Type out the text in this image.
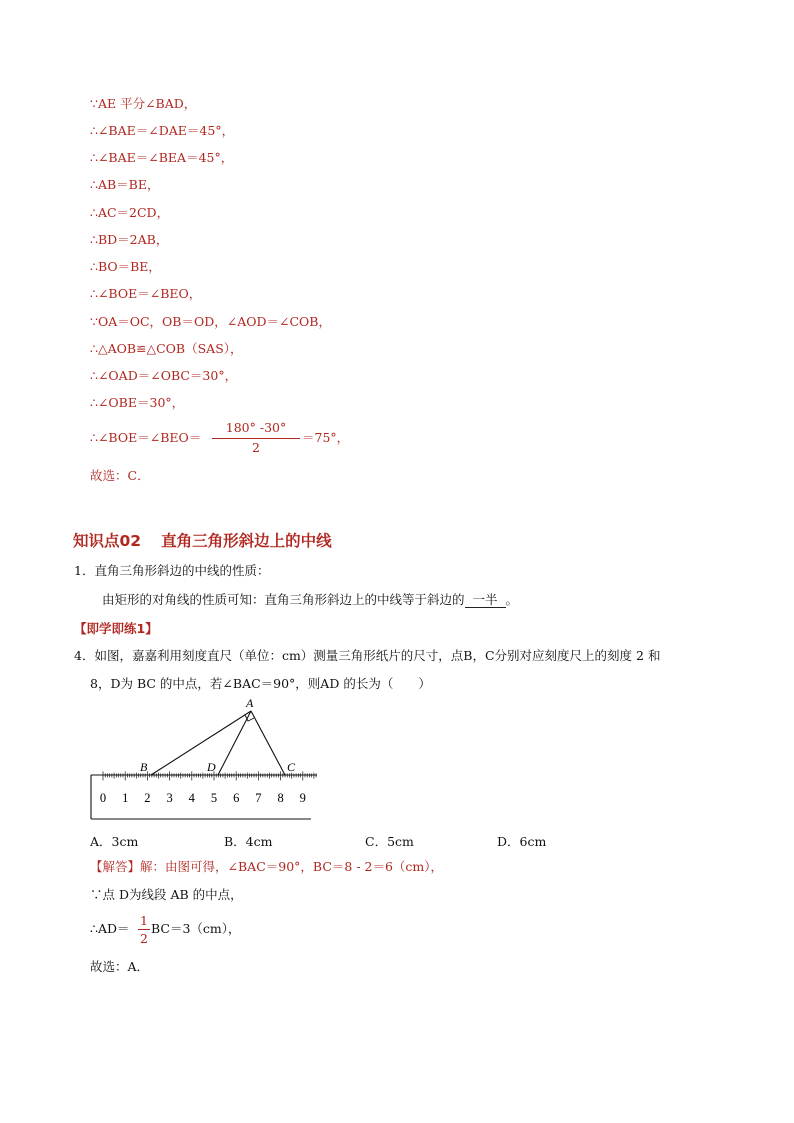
∵AE 平分∠BAD，
∴∠BAE＝∠DAE＝45°，
∴∠BAE＝∠BEA＝45°，
∴AB＝BE，
∴AC＝2CD，
∴BD＝2AB，
∴BO＝BE，
∴∠BOE＝∠BEO，
∵OA＝OC，OB＝OD，∠AOD＝∠COB，
∴△AOB≌△COB（SAS），
∴∠OAD＝∠OBC＝30°，
∴∠OBE＝30°，
∴∠BOE＝∠BEO＝
180° -30°
2
＝75°，
故选：C．
知识点02 直角三角形斜边上的中线
1．直角三角形斜边的中线的性质：
由矩形的对角线的性质可知：直角三角形斜边上的中线等于斜边的 一半 。
【即学即练1】
4．如图，嘉嘉利用刻度直尺（单位：cm）测量三角形纸片的尺寸，点B，C分别对应刻度尺上的刻度 2 和
8，D为 BC 的中点，若∠BAC＝90°，则AD 的长为（　　）
A
B	D	C
0 1 2 3 4 5 6 7 8 9
A．3cm	B．4cm	C．5cm	D．6cm
【解答】解：由图可得，∠BAC＝90°，BC＝8 - 2＝6（cm），
∵点 D为线段 AB 的中点，
∴AD＝
1
2
BC＝3（cm），
故选：A．
